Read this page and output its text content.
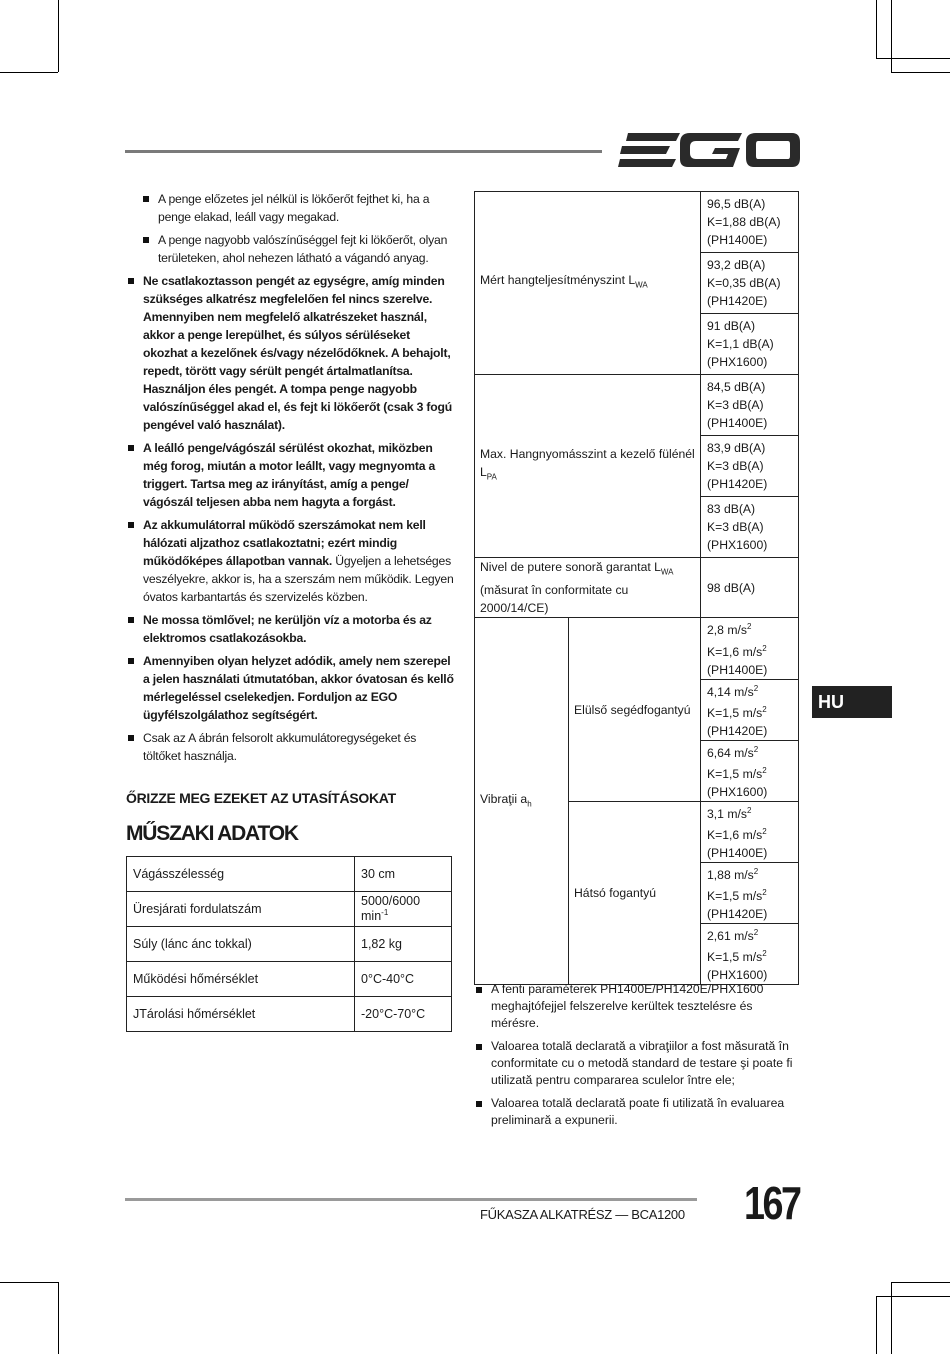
A penge előzetes jel nélkül is lökőerőt fejthet ki, ha a penge elakad, leáll vagy megakad.
A penge nagyobb valószínűséggel fejt ki lökőerőt, olyan területeken, ahol nehezen látható a vágandó anyag.
Ne csatlakoztasson pengét az egységre, amíg minden szükséges alkatrész megfelelően fel nincs szerelve. Amennyiben nem megfelelő alkatrészeket használ, akkor a penge lerepülhet, és súlyos sérüléseket okozhat a kezelőnek és/vagy nézelődőknek. A behajolt, repedt, törött vagy sérült pengét ártalmatlanítsa. Használjon éles pengét. A tompa penge nagyobb valószínűséggel akad el, és fejt ki lökőerőt (csak 3 fogú pengével való használat).
A leálló penge/vágószál sérülést okozhat, miközben még forog, miután a motor leállt, vagy megnyomta a triggert. Tartsa meg az irányítást, amíg a penge/ vágószál teljesen abba nem hagyta a forgást.
Az akkumulátorral működő szerszámokat nem kell hálózati aljzathoz csatlakoztatni; ezért mindig működőképes állapotban vannak. Ügyeljen a lehetséges veszélyekre, akkor is, ha a szerszám nem működik. Legyen óvatos karbantartás és szervizelés közben.
Ne mossa tömlővel; ne kerüljön víz a motorba és az elektromos csatlakozásokba.
Amennyiben olyan helyzet adódik, amely nem szerepel a jelen használati útmutatóban, akkor óvatosan és kellő mérlegeléssel cselekedjen. Forduljon az EGO ügyfélszolgálathoz segítségért.
Csak az A ábrán felsorolt akkumulátoregységeket és töltőket használja.
ŐRIZZE MEG EZEKET AZ UTASÍTÁSOKAT
MŰSZAKI ADATOK
Vágásszélesség	30 cm
Üresjárati fordulatszám	5000/6000 $\min^{-1}$
Súly (lánc ánc tokkal)	1,82 kg
Működési hőmérséklet	0°C-40°C
JTárolási hőmérséklet	-20°C-70°C
Mért hangteljesítményszint $L_{WA}$		96,5 dB(A)
K=1,88 dB(A)
(PH1400E)
		93,2 dB(A)
K=0,35 dB(A)
(PH1420E)
		91 dB(A)
K=1,1 dB(A)
(PHX1600)
Max. Hangnyomásszint a kezelő fülénél $L_{PA}$		84,5 dB(A)
K=3 dB(A)
(PH1400E)
		83,9 dB(A)
K=3 dB(A)
(PH1420E)
		83 dB(A)
K=3 dB(A)
(PHX1600)
Nivel de putere sonoră garantat $L_{WA}$
(măsurat în conformitate cu 2000/14/CE)		98 dB(A)
Vibraţii $a_h$	Elülső segédfogantyú	2,8 $m/s^2$
K=1,6 $m/s^2$
(PH1400E)
		4,14 $m/s^2$
K=1,5 $m/s^2$
(PH1420E)
		6,64 $m/s^2$
K=1,5 $m/s^2$
(PHX1600)
	Hátsó fogantyú	3,1 $m/s^2$
K=1,6 $m/s^2$
(PH1400E)
		1,88 $m/s^2$
K=1,5 $m/s^2$
(PH1420E)
		2,61 $m/s^2$
K=1,5 $m/s^2$
(PHX1600)
A fenti paraméterek PH1400E/PH1420E/PHX1600 meghajtófejjel felszerelve kerültek tesztelésre és mérésre.
Valoarea totală declarată a vibraţiilor a fost măsurată în conformitate cu o metodă standard de testare şi poate fi utilizată pentru compararea sculelor între ele;
Valoarea totală declarată poate fi utilizată în evaluarea preliminară a expunerii.
HU
FŰKASZA ALKATRÉSZ — BCA1200 167
